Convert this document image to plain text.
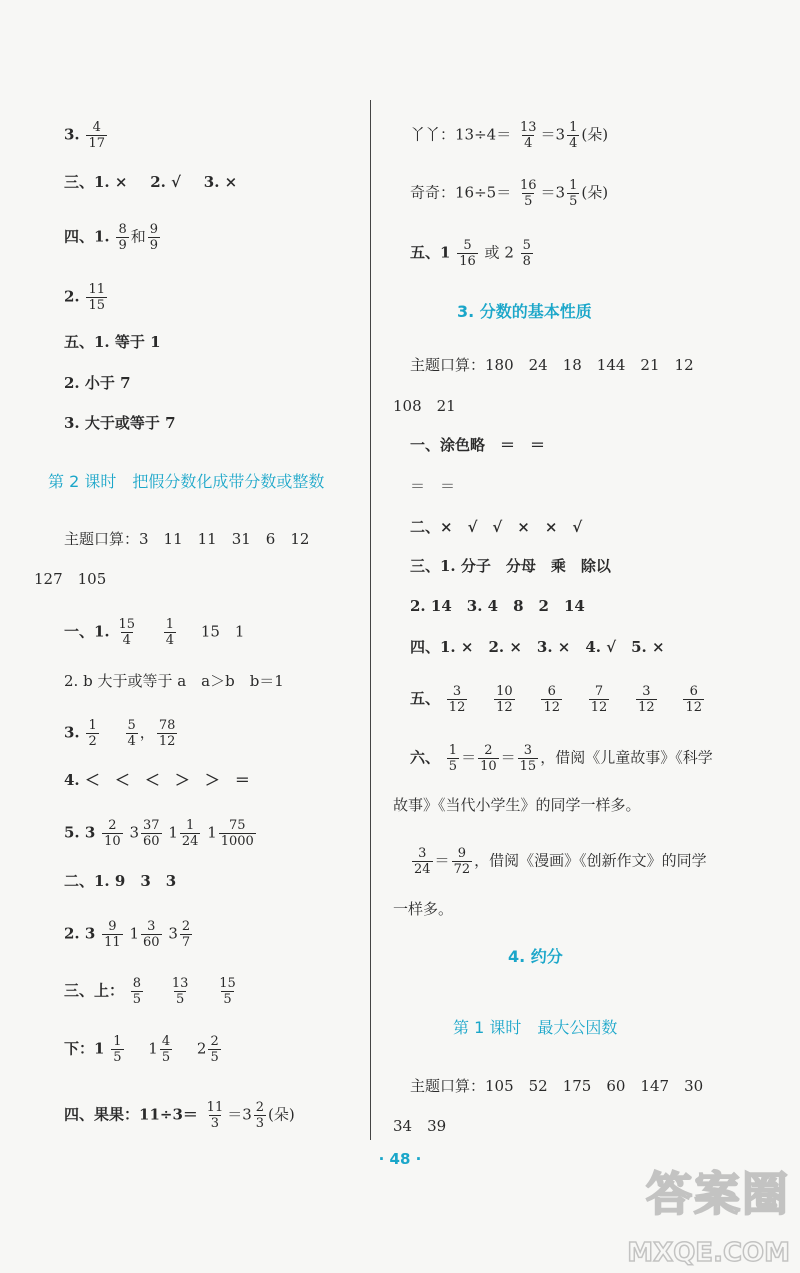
3. $\frac{4}{17}$
三、1. × 2. √ 3. ×
四、1. $\frac{8}{9}$ 和 $\frac{9}{9}$
2. $\frac{11}{15}$
五、1. 等于 1
2. 小于 7
3. 大于或等于 7
第 2 课时　把假分数化成带分数或整数
主题口算：3　11　11　31　6　12
127　105
一、1. $\frac{15}{4}$
$\frac{1}{4} 15$　1
2. b 大于或等于 a　a＞b　b＝1
3. $\frac{1}{2}$
$\frac{5}{4}$ ， $\frac{78}{12}$
4. ＜　＜　＜　＞　＞　＝
5. $3 \frac{2}{10} 3 \frac{37}{60} 1 \frac{1}{24} 1 \frac{75}{1000}$
二、1. 9　3　3
2. $3 \frac{9}{11} 1 \frac{3}{60} 3 \frac{2}{7}$
三、上： $\frac{8}{5}$
$\frac{13}{5}$
$\frac{15}{5}$
下：$1 \frac{1}{5} 1 \frac{4}{5} 2 \frac{2}{5}$
四、果果：$11\div 3= \frac{11}{3} =3 \frac{2}{3}$ (朵)
丫丫：$13\div 4= \frac{13}{4} =3 \frac{1}{4}$ (朵)
奇奇：$16\div 5= \frac{16}{5} =3 \frac{1}{5}$ (朵)
五、$1 \frac{5}{16}$ 或 $2 \frac{5}{8}$
3. 分数的基本性质
主题口算：180　24　18　144　21　12
108　21
一、涂色略　＝　＝
＝　＝
二、×　√　√　×　×　√
三、1. 分子　分母　乘　除以
2. 14　3. 4　8　2　14
四、1. ×　2. ×　3. ×　4. √　5. ×
五、 $\frac{3}{12}$
$\frac{10}{12}$
$\frac{6}{12}$
$\frac{7}{12}$
$\frac{3}{12}$
$\frac{6}{12}$
六、 $\frac{1}{5} = \frac{2}{10} = \frac{3}{15}$ ，借阅《儿童故事》《科学
故事》《当代小学生》的同学一样多。
$\frac{3}{24} = \frac{9}{72}$ ，借阅《漫画》《创新作文》的同学
一样多。
4. 约分
第 1 课时　最大公因数
主题口算：105　52　175　60　147　30
34　39
· 48 ·
答案圈
MXQE.COM
